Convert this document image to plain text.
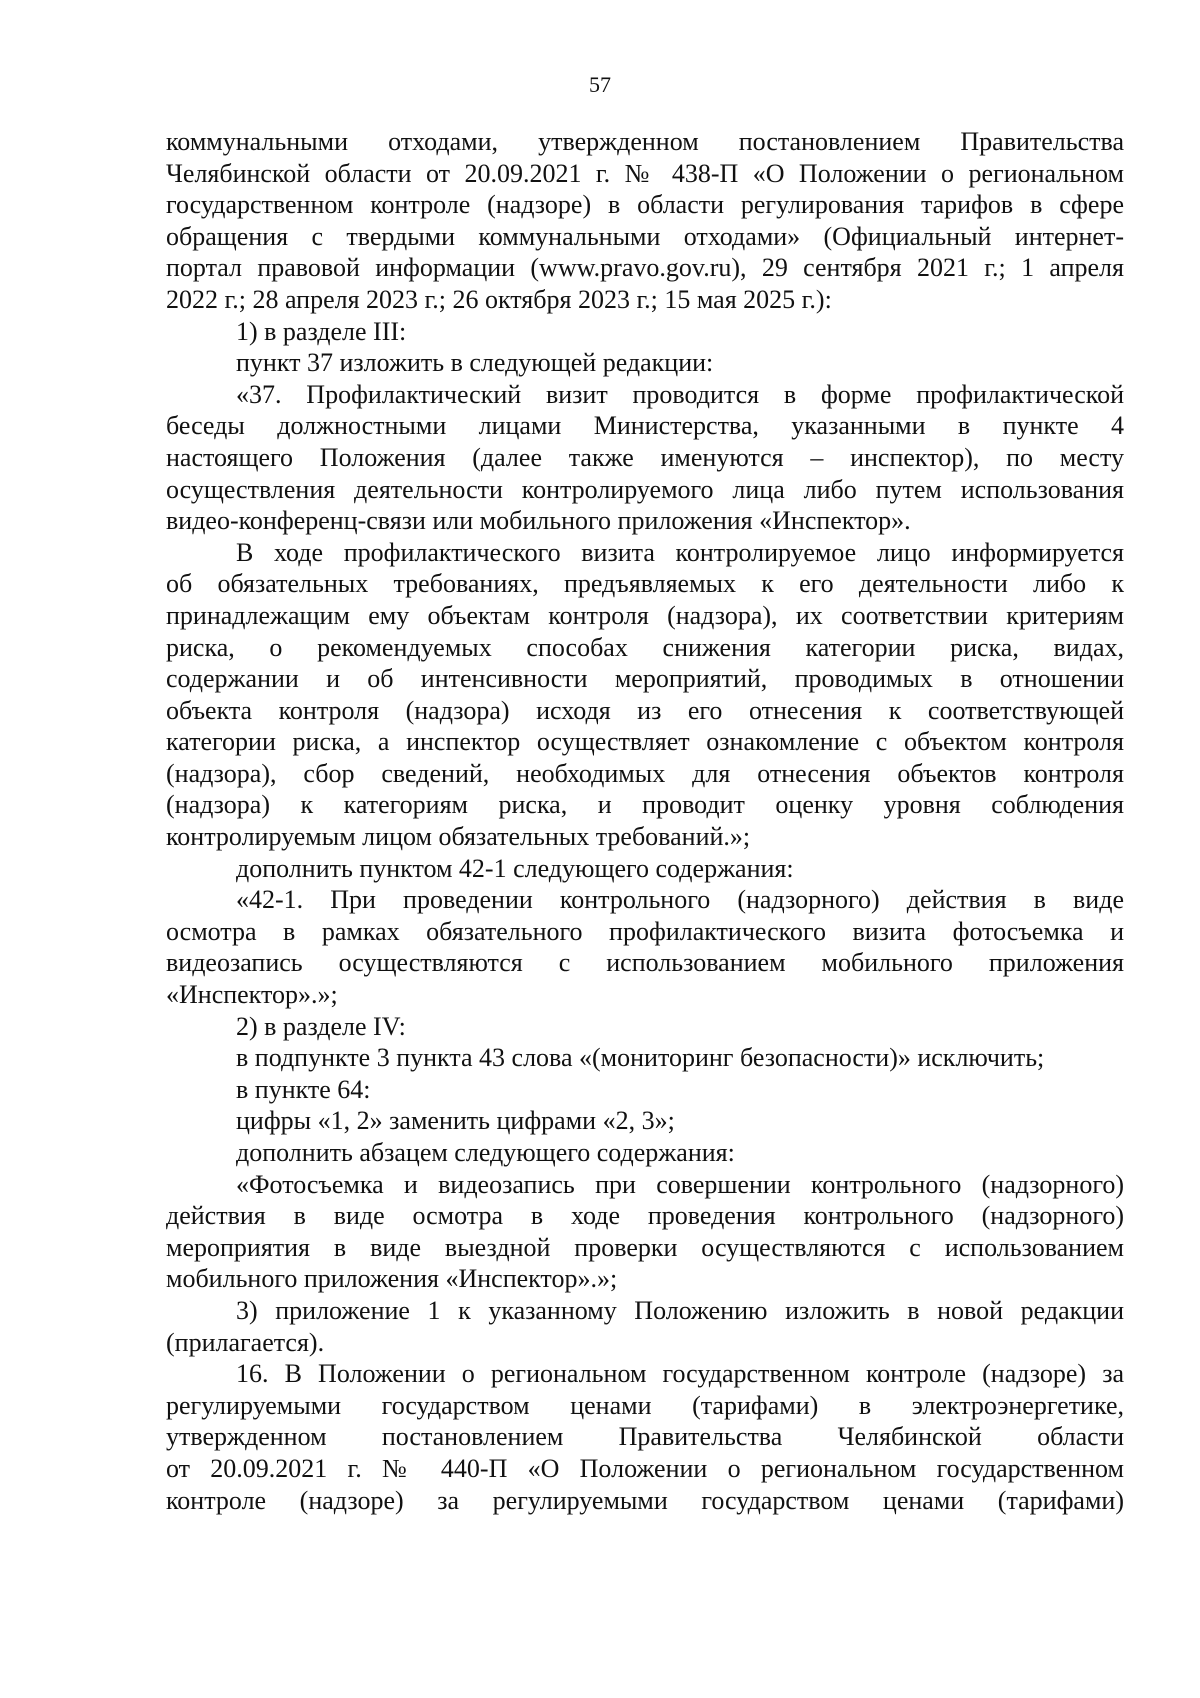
57
коммунальными отходами, утвержденном постановлением Правительства
Челябинской области от 20.09.2021 г. № 438-П «О Положении о региональном
государственном контроле (надзоре) в области регулирования тарифов в сфере
обращения с твердыми коммунальными отходами» (Официальный интернет-
портал правовой информации (www.pravo.gov.ru), 29 сентября 2021 г.; 1 апреля
2022 г.; 28 апреля 2023 г.; 26 октября 2023 г.; 15 мая 2025 г.):
1) в разделе III:
пункт 37 изложить в следующей редакции:
«37. Профилактический визит проводится в форме профилактической
беседы должностными лицами Министерства, указанными в пункте 4
настоящего Положения (далее также именуются – инспектор), по месту
осуществления деятельности контролируемого лица либо путем использования
видео-конференц-связи или мобильного приложения «Инспектор».
В ходе профилактического визита контролируемое лицо информируется
об обязательных требованиях, предъявляемых к его деятельности либо к
принадлежащим ему объектам контроля (надзора), их соответствии критериям
риска, о рекомендуемых способах снижения категории риска, видах,
содержании и об интенсивности мероприятий, проводимых в отношении
объекта контроля (надзора) исходя из его отнесения к соответствующей
категории риска, а инспектор осуществляет ознакомление с объектом контроля
(надзора), сбор сведений, необходимых для отнесения объектов контроля
(надзора) к категориям риска, и проводит оценку уровня соблюдения
контролируемым лицом обязательных требований.»;
дополнить пунктом 42-1 следующего содержания:
«42-1. При проведении контрольного (надзорного) действия в виде
осмотра в рамках обязательного профилактического визита фотосъемка и
видеозапись осуществляются с использованием мобильного приложения
«Инспектор».»;
2) в разделе IV:
в подпункте 3 пункта 43 слова «(мониторинг безопасности)» исключить;
в пункте 64:
цифры «1, 2» заменить цифрами «2, 3»;
дополнить абзацем следующего содержания:
«Фотосъемка и видеозапись при совершении контрольного (надзорного)
действия в виде осмотра в ходе проведения контрольного (надзорного)
мероприятия в виде выездной проверки осуществляются с использованием
мобильного приложения «Инспектор».»;
3) приложение 1 к указанному Положению изложить в новой редакции
(прилагается).
16. В Положении о региональном государственном контроле (надзоре) за
регулируемыми государством ценами (тарифами) в электроэнергетике,
утвержденном постановлением Правительства Челябинской области
от 20.09.2021 г. № 440-П «О Положении о региональном государственном
контроле (надзоре) за регулируемыми государством ценами (тарифами)
